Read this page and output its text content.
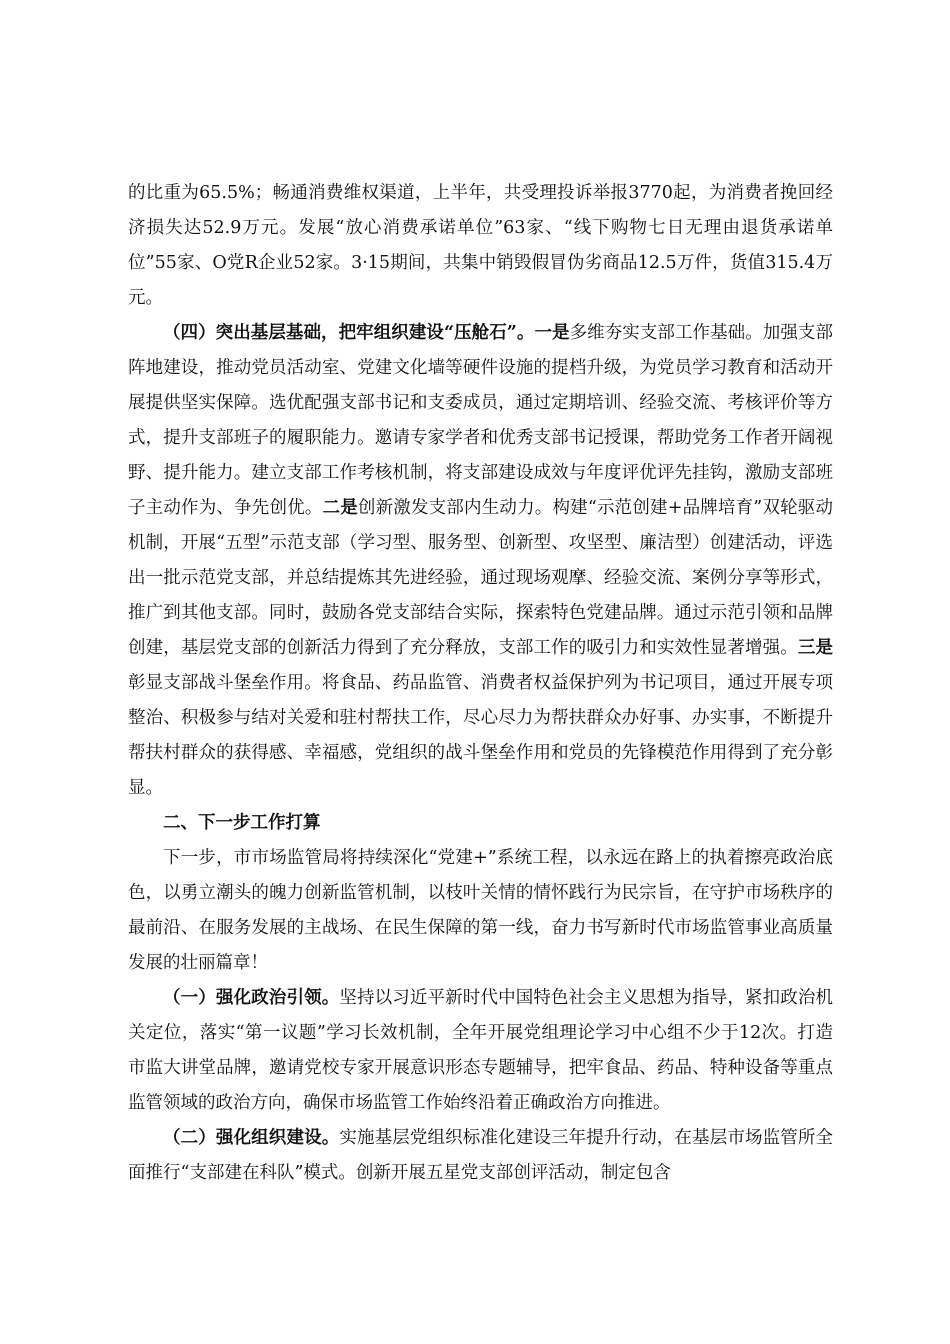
的比重为65.5%；畅通消费维权渠道，上半年，共受理投诉举报3770起，为消费者挽回经济损失达52.9万元。发展“放心消费承诺单位”63家、“线下购物七日无理由退货承诺单位”55家、O党R企业52家。3·15期间，共集中销毁假冒伪劣商品12.5万件，货值315.4万元。

（四）突出基层基础，把牢组织建设“压舱石”。一是多维夯实支部工作基础。加强支部阵地建设，推动党员活动室、党建文化墙等硬件设施的提档升级，为党员学习教育和活动开展提供坚实保障。选优配强支部书记和支委成员，通过定期培训、经验交流、考核评价等方式，提升支部班子的履职能力。邀请专家学者和优秀支部书记授课，帮助党务工作者开阔视野、提升能力。建立支部工作考核机制，将支部建设成效与年度评优评先挂钩，激励支部班子主动作为、争先创优。二是创新激发支部内生动力。构建“示范创建+品牌培育”双轮驱动机制，开展“五型”示范支部（学习型、服务型、创新型、攻坚型、廉洁型）创建活动，评选出一批示范党支部，并总结提炼其先进经验，通过现场观摩、经验交流、案例分享等形式，推广到其他支部。同时，鼓励各党支部结合实际，探索特色党建品牌。通过示范引领和品牌创建，基层党支部的创新活力得到了充分释放，支部工作的吸引力和实效性显著增强。三是彰显支部战斗堡垒作用。将食品、药品监管、消费者权益保护列为书记项目，通过开展专项整治、积极参与结对关爱和驻村帮扶工作，尽心尽力为帮扶群众办好事、办实事，不断提升帮扶村群众的获得感、幸福感，党组织的战斗堡垒作用和党员的先锋模范作用得到了充分彰显。

二、下一步工作打算

下一步，市市场监管局将持续深化“党建+”系统工程，以永远在路上的执着擦亮政治底色，以勇立潮头的魄力创新监管机制，以枝叶关情的情怀践行为民宗旨，在守护市场秩序的最前沿、在服务发展的主战场、在民生保障的第一线，奋力书写新时代市场监管事业高质量发展的壮丽篇章！

（一）强化政治引领。坚持以习近平新时代中国特色社会主义思想为指导，紧扣政治机关定位，落实“第一议题”学习长效机制，全年开展党组理论学习中心组不少于12次。打造市监大讲堂品牌，邀请党校专家开展意识形态专题辅导，把牢食品、药品、特种设备等重点监管领域的政治方向，确保市场监管工作始终沿着正确政治方向推进。

（二）强化组织建设。实施基层党组织标准化建设三年提升行动，在基层市场监管所全面推行“支部建在科队”模式。创新开展五星党支部创评活动，制定包含
